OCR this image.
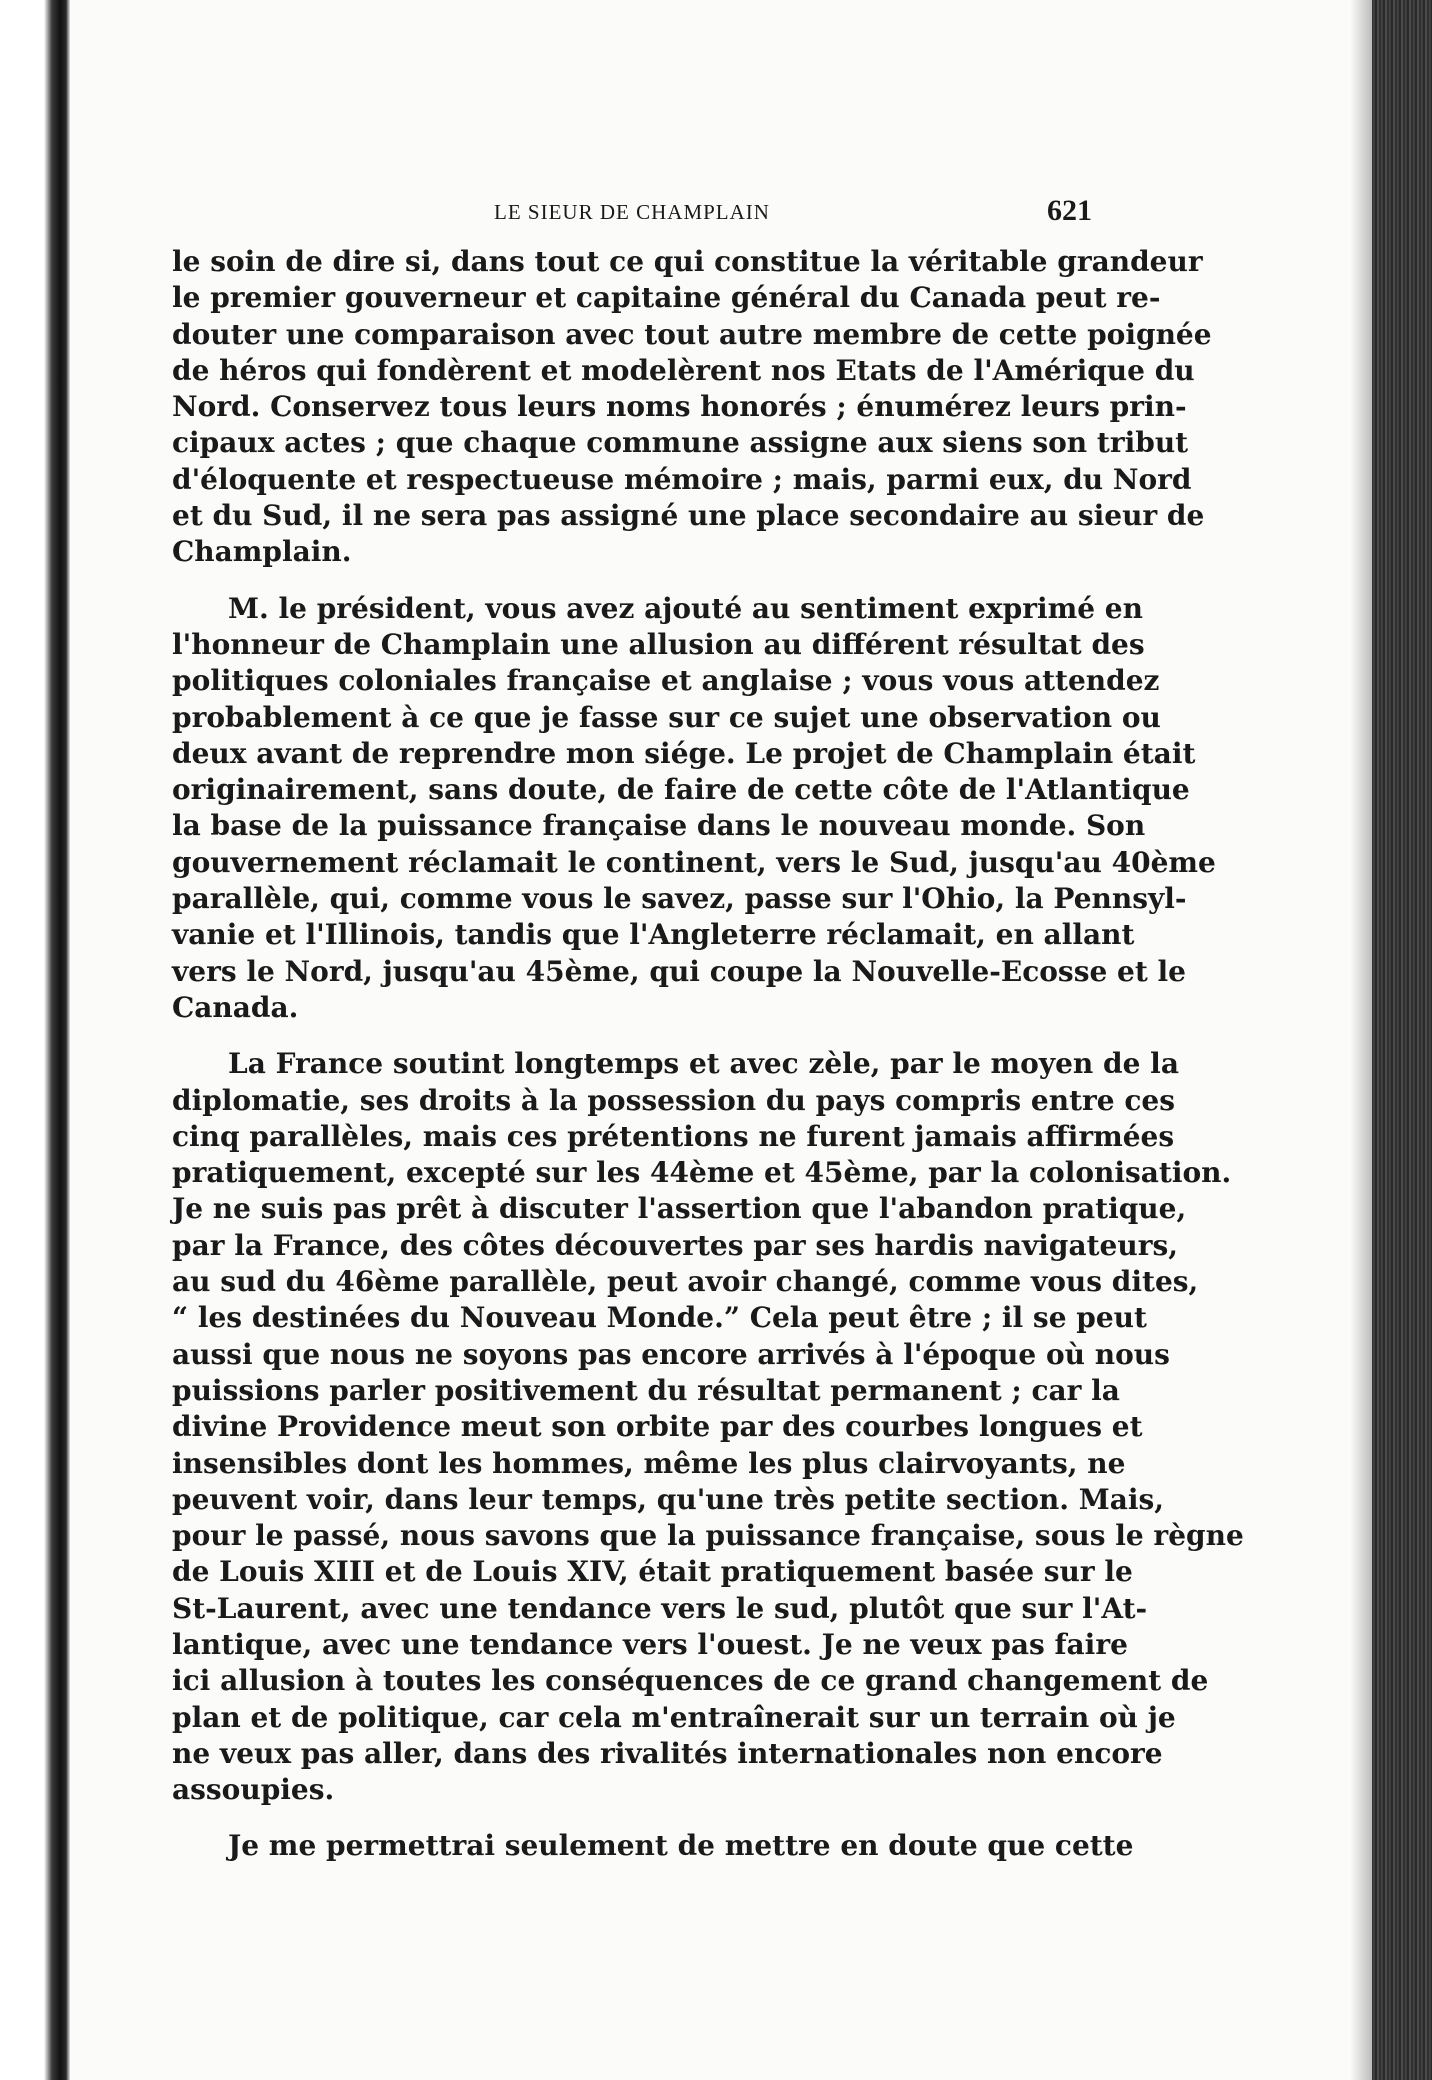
LE SIEUR DE CHAMPLAIN	621

le soin de dire si, dans tout ce qui constitue la véritable grandeur
le premier gouverneur et capitaine général du Canada peut re-
douter une comparaison avec tout autre membre de cette poignée
de héros qui fondèrent et modelèrent nos Etats de l'Amérique du
Nord. Conservez tous leurs noms honorés ; énumérez leurs prin-
cipaux actes ; que chaque commune assigne aux siens son tribut
d'éloquente et respectueuse mémoire ; mais, parmi eux, du Nord
et du Sud, il ne sera pas assigné une place secondaire au sieur de
Champlain.

M. le président, vous avez ajouté au sentiment exprimé en
l'honneur de Champlain une allusion au différent résultat des
politiques coloniales française et anglaise ; vous vous attendez
probablement à ce que je fasse sur ce sujet une observation ou
deux avant de reprendre mon siége. Le projet de Champlain était
originairement, sans doute, de faire de cette côte de l'Atlantique
la base de la puissance française dans le nouveau monde. Son
gouvernement réclamait le continent, vers le Sud, jusqu'au 40ème
parallèle, qui, comme vous le savez, passe sur l'Ohio, la Pennsyl-
vanie et l'Illinois, tandis que l'Angleterre réclamait, en allant
vers le Nord, jusqu'au 45ème, qui coupe la Nouvelle-Ecosse et le
Canada.

La France soutint longtemps et avec zèle, par le moyen de la
diplomatie, ses droits à la possession du pays compris entre ces
cinq parallèles, mais ces prétentions ne furent jamais affirmées
pratiquement, excepté sur les 44ème et 45ème, par la colonisation.
Je ne suis pas prêt à discuter l'assertion que l'abandon pratique,
par la France, des côtes découvertes par ses hardis navigateurs,
au sud du 46ème parallèle, peut avoir changé, comme vous dites,
“ les destinées du Nouveau Monde.” Cela peut être ; il se peut
aussi que nous ne soyons pas encore arrivés à l'époque où nous
puissions parler positivement du résultat permanent ; car la
divine Providence meut son orbite par des courbes longues et
insensibles dont les hommes, même les plus clairvoyants, ne
peuvent voir, dans leur temps, qu'une très petite section. Mais,
pour le passé, nous savons que la puissance française, sous le règne
de Louis XIII et de Louis XIV, était pratiquement basée sur le
St-Laurent, avec une tendance vers le sud, plutôt que sur l'At-
lantique, avec une tendance vers l'ouest. Je ne veux pas faire
ici allusion à toutes les conséquences de ce grand changement de
plan et de politique, car cela m'entraînerait sur un terrain où je
ne veux pas aller, dans des rivalités internationales non encore
assoupies.

Je me permettrai seulement de mettre en doute que cette
